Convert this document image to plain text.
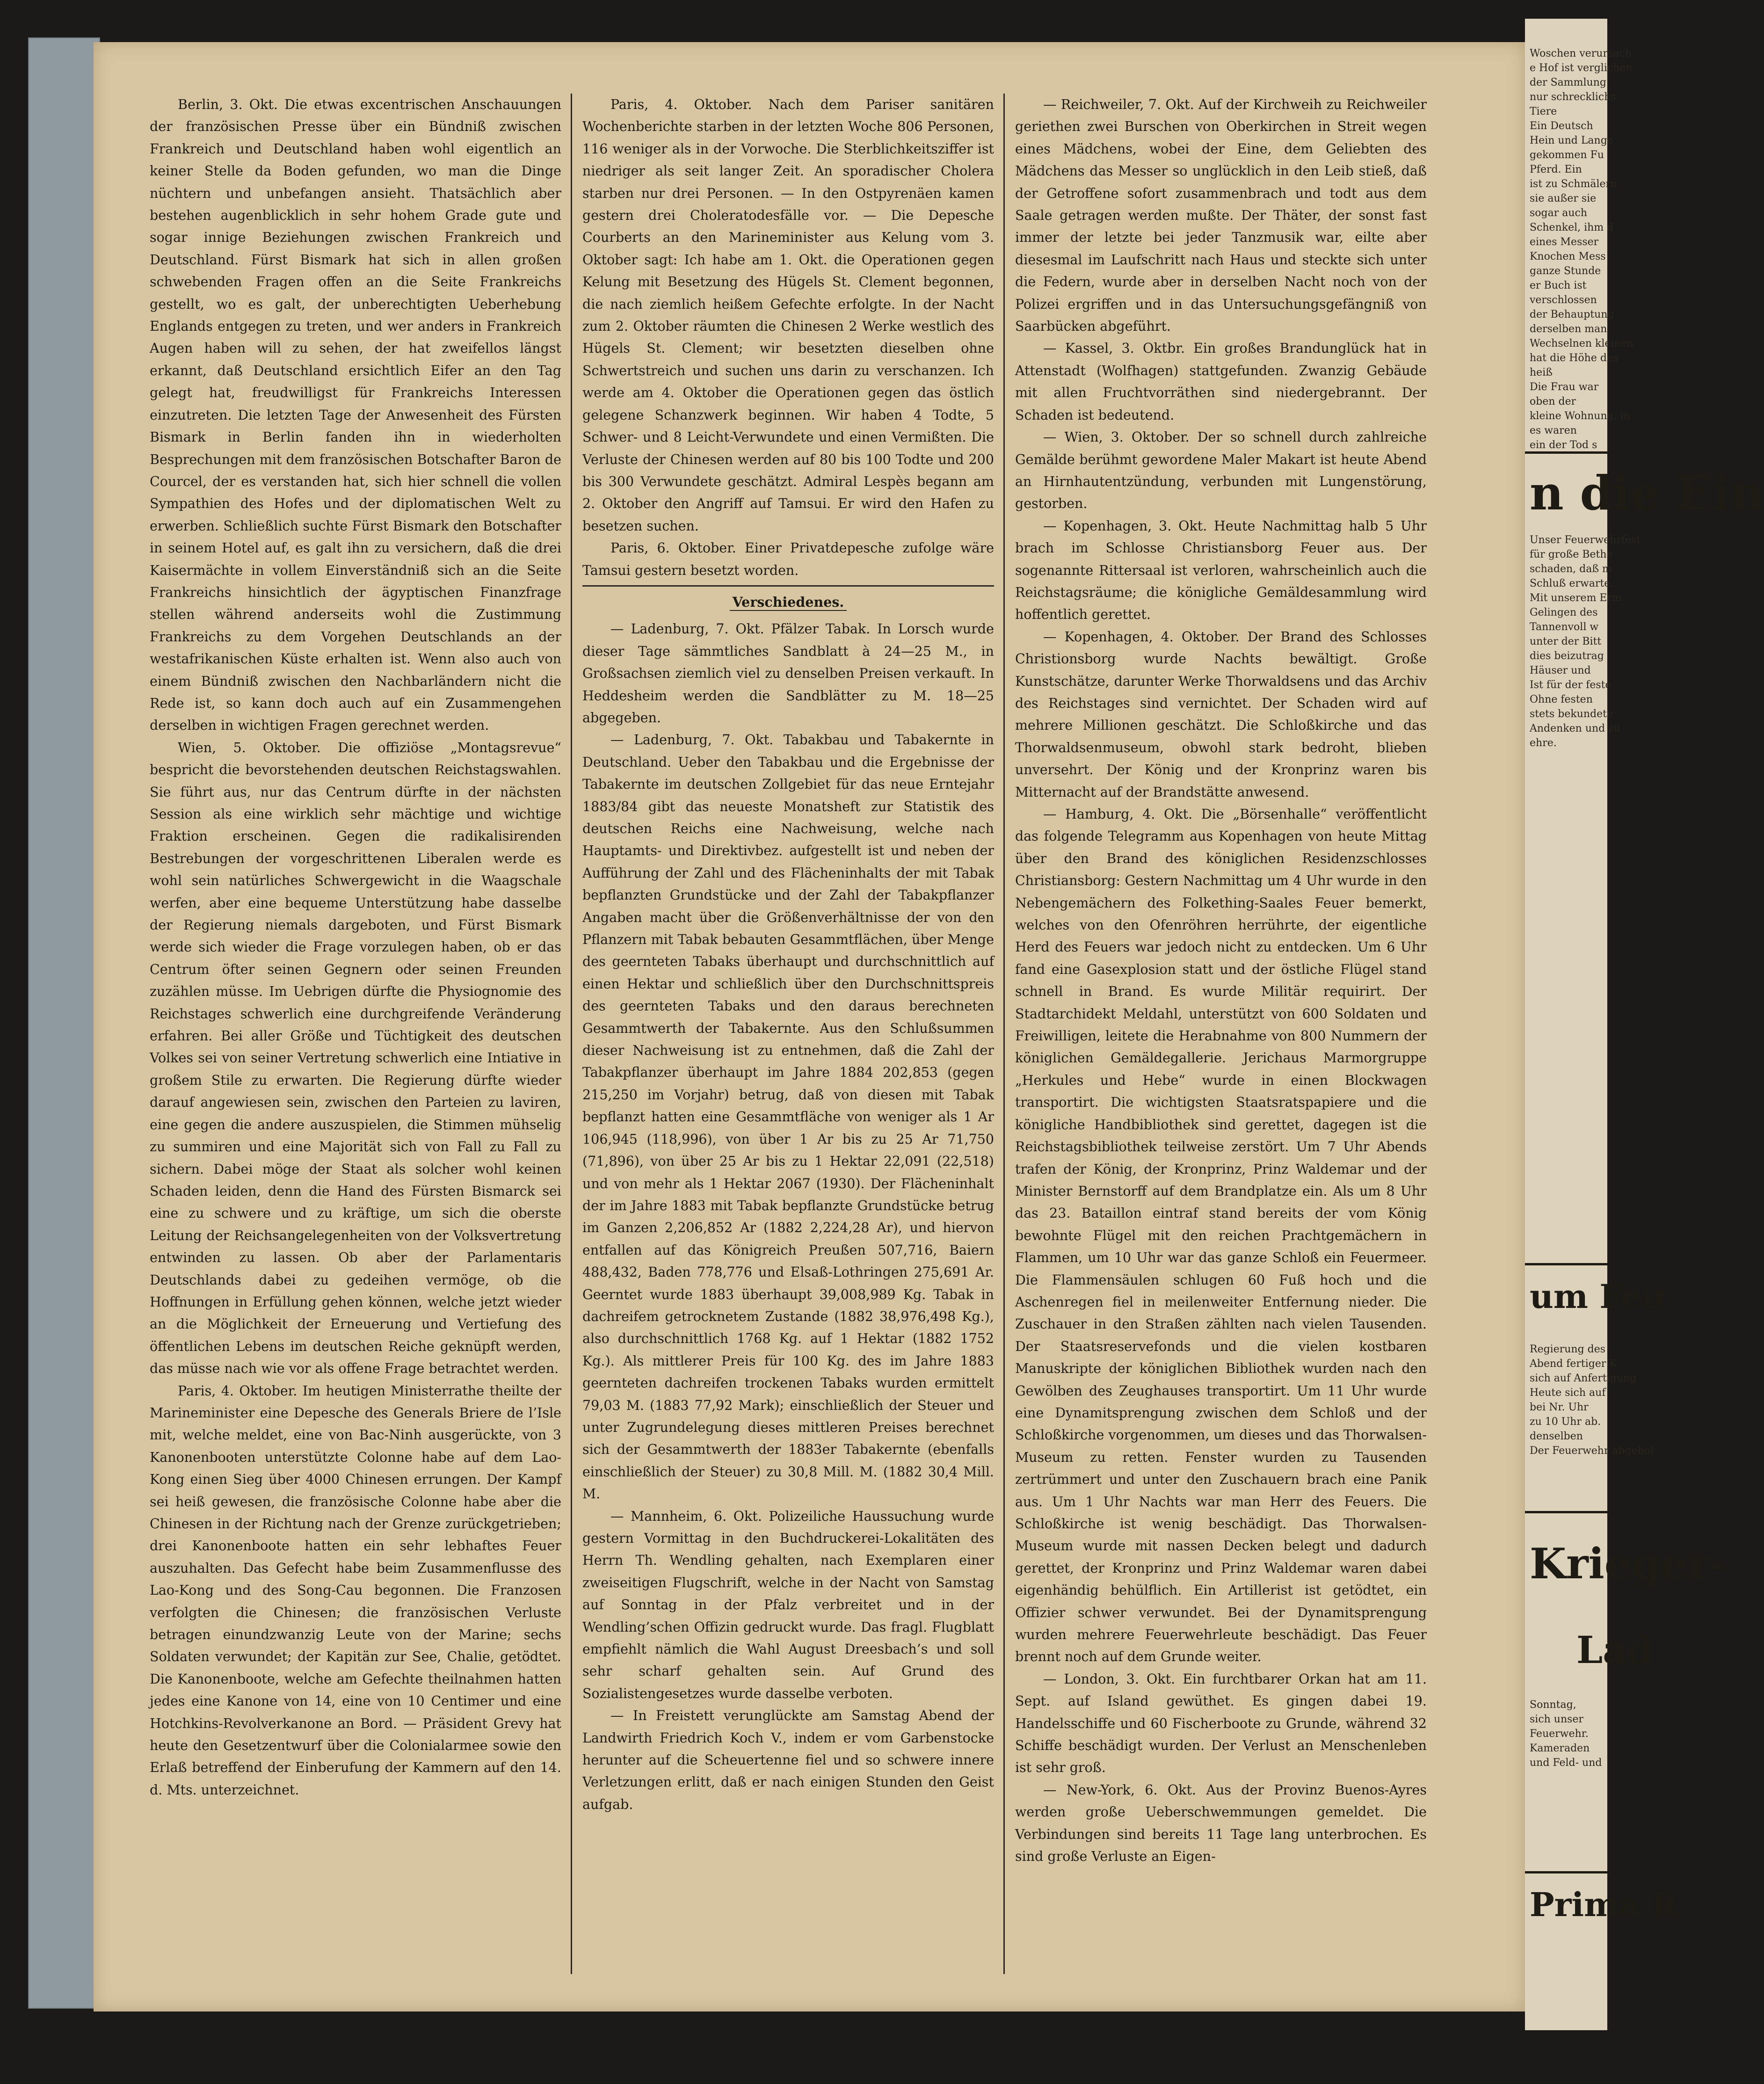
Berlin, 3. Okt. Die etwas excentrischen Anschauungen der französischen Presse über ein Bündniß zwischen Frankreich und Deutschland haben wohl eigentlich an keiner Stelle da Boden gefunden, wo man die Dinge nüchtern und unbefangen ansieht. Thatsächlich aber bestehen augenblicklich in sehr hohem Grade gute und sogar innige Beziehungen zwischen Frankreich und Deutschland. Fürst Bismark hat sich in allen großen schwebenden Fragen offen an die Seite Frankreichs gestellt, wo es galt, der unberechtigten Ueberhebung Englands entgegen zu treten, und wer anders in Frankreich Augen haben will zu sehen, der hat zweifellos längst erkannt, daß Deutschland ersichtlich Eifer an den Tag gelegt hat, freudwilligst für Frankreichs Interessen einzutreten. Die letzten Tage der Anwesenheit des Fürsten Bismark in Berlin fanden ihn in wiederholten Besprechungen mit dem französischen Botschafter Baron de Courcel, der es verstanden hat, sich hier schnell die vollen Sympathien des Hofes und der diplomatischen Welt zu erwerben. Schließlich suchte Fürst Bismark den Botschafter in seinem Hotel auf, es galt ihn zu versichern, daß die drei Kaisermächte in vollem Einverständniß sich an die Seite Frankreichs hinsichtlich der ägyptischen Finanzfrage stellen während anderseits wohl die Zustimmung Frankreichs zu dem Vorgehen Deutschlands an der westafrikanischen Küste erhalten ist. Wenn also auch von einem Bündniß zwischen den Nachbarländern nicht die Rede ist, so kann doch auch auf ein Zusammengehen derselben in wichtigen Fragen gerechnet werden.

Wien, 5. Oktober. Die offiziöse „Montagsrevue“ bespricht die bevorstehenden deutschen Reichstagswahlen. Sie führt aus, nur das Centrum dürfte in der nächsten Session als eine wirklich sehr mächtige und wichtige Fraktion erscheinen. Gegen die radikalisirenden Bestrebungen der vorgeschrittenen Liberalen werde es wohl sein natürliches Schwergewicht in die Waagschale werfen, aber eine bequeme Unterstützung habe dasselbe der Regierung niemals dargeboten, und Fürst Bismark werde sich wieder die Frage vorzulegen haben, ob er das Centrum öfter seinen Gegnern oder seinen Freunden zuzählen müsse. Im Uebrigen dürfte die Physiognomie des Reichstages schwerlich eine durchgreifende Veränderung erfahren. Bei aller Größe und Tüchtigkeit des deutschen Volkes sei von seiner Vertretung schwerlich eine Intiative in großem Stile zu erwarten. Die Regierung dürfte wieder darauf angewiesen sein, zwischen den Parteien zu laviren, eine gegen die andere auszuspielen, die Stimmen mühselig zu summiren und eine Majorität sich von Fall zu Fall zu sichern. Dabei möge der Staat als solcher wohl keinen Schaden leiden, denn die Hand des Fürsten Bismarck sei eine zu schwere und zu kräftige, um sich die oberste Leitung der Reichsangelegenheiten von der Volksvertretung entwinden zu lassen. Ob aber der Parlamentaris Deutschlands dabei zu gedeihen vermöge, ob die Hoffnungen in Erfüllung gehen können, welche jetzt wieder an die Möglichkeit der Erneuerung und Vertiefung des öffentlichen Lebens im deutschen Reiche geknüpft werden, das müsse nach wie vor als offene Frage betrachtet werden.

Paris, 4. Oktober. Im heutigen Ministerrathe theilte der Marineminister eine Depesche des Generals Briere de l’Isle mit, welche meldet, eine von Bac-Ninh ausgerückte, von 3 Kanonenbooten unterstützte Colonne habe auf dem Lao-Kong einen Sieg über 4000 Chinesen errungen. Der Kampf sei heiß gewesen, die französische Colonne habe aber die Chinesen in der Richtung nach der Grenze zurückgetrieben; drei Kanonenboote hatten ein sehr lebhaftes Feuer auszuhalten. Das Gefecht habe beim Zusammenflusse des Lao-Kong und des Song-Cau begonnen. Die Franzosen verfolgten die Chinesen; die französischen Verluste betragen einundzwanzig Leute von der Marine; sechs Soldaten verwundet; der Kapitän zur See, Chalie, getödtet. Die Kanonenboote, welche am Gefechte theilnahmen hatten jedes eine Kanone von 14, eine von 10 Centimer und eine Hotchkins-Revolverkanone an Bord. — Präsident Grevy hat heute den Gesetzentwurf über die Colonialarmee sowie den Erlaß betreffend der Einberufung der Kammern auf den 14. d. Mts. unterzeichnet.

Paris, 4. Oktober. Nach dem Pariser sanitären Wochenberichte starben in der letzten Woche 806 Personen, 116 weniger als in der Vorwoche. Die Sterblichkeitsziffer ist niedriger als seit langer Zeit. An sporadischer Cholera starben nur drei Personen. — In den Ostpyrenäen kamen gestern drei Choleratodesfälle vor. — Die Depesche Courberts an den Marineminister aus Kelung vom 3. Oktober sagt: Ich habe am 1. Okt. die Operationen gegen Kelung mit Besetzung des Hügels St. Clement begonnen, die nach ziemlich heißem Gefechte erfolgte. In der Nacht zum 2. Oktober räumten die Chinesen 2 Werke westlich des Hügels St. Clement; wir besetzten dieselben ohne Schwertstreich und suchen uns darin zu verschanzen. Ich werde am 4. Oktober die Operationen gegen das östlich gelegene Schanzwerk beginnen. Wir haben 4 Todte, 5 Schwer- und 8 Leicht-Verwundete und einen Vermißten. Die Verluste der Chinesen werden auf 80 bis 100 Todte und 200 bis 300 Verwundete geschätzt. Admiral Lespès begann am 2. Oktober den Angriff auf Tamsui. Er wird den Hafen zu besetzen suchen.

Paris, 6. Oktober. Einer Privatdepesche zufolge wäre Tamsui gestern besetzt worden.

Verschiedenes.

— Ladenburg, 7. Okt. Pfälzer Tabak. In Lorsch wurde dieser Tage sämmtliches Sandblatt à 24—25 M., in Großsachsen ziemlich viel zu denselben Preisen verkauft. In Heddesheim werden die Sandblätter zu M. 18—25 abgegeben.

— Ladenburg, 7. Okt. Tabakbau und Tabakernte in Deutschland. Ueber den Tabakbau und die Ergebnisse der Tabakernte im deutschen Zollgebiet für das neue Erntejahr 1883/84 gibt das neueste Monatsheft zur Statistik des deutschen Reichs eine Nachweisung, welche nach Hauptamts- und Direktivbez. aufgestellt ist und neben der Aufführung der Zahl und des Flächeninhalts der mit Tabak bepflanzten Grundstücke und der Zahl der Tabakpflanzer Angaben macht über die Größenverhältnisse der von den Pflanzern mit Tabak bebauten Gesammtflächen, über Menge des geernteten Tabaks überhaupt und durchschnittlich auf einen Hektar und schließlich über den Durchschnittspreis des geernteten Tabaks und den daraus berechneten Gesammtwerth der Tabakernte. Aus den Schlußsummen dieser Nachweisung ist zu entnehmen, daß die Zahl der Tabakpflanzer überhaupt im Jahre 1884 202,853 (gegen 215,250 im Vorjahr) betrug, daß von diesen mit Tabak bepflanzt hatten eine Gesammtfläche von weniger als 1 Ar 106,945 (118,996), von über 1 Ar bis zu 25 Ar 71,750 (71,896), von über 25 Ar bis zu 1 Hektar 22,091 (22,518) und von mehr als 1 Hektar 2067 (1930). Der Flächeninhalt der im Jahre 1883 mit Tabak bepflanzte Grundstücke betrug im Ganzen 2,206,852 Ar (1882 2,224,28 Ar), und hiervon entfallen auf das Königreich Preußen 507,716, Baiern 488,432, Baden 778,776 und Elsaß-Lothringen 275,691 Ar. Geerntet wurde 1883 überhaupt 39,008,989 Kg. Tabak in dachreifem getrocknetem Zustande (1882 38,976,498 Kg.), also durchschnittlich 1768 Kg. auf 1 Hektar (1882 1752 Kg.). Als mittlerer Preis für 100 Kg. des im Jahre 1883 geernteten dachreifen trockenen Tabaks wurden ermittelt 79,03 M. (1883 77,92 Mark); einschließlich der Steuer und unter Zugrundelegung dieses mittleren Preises berechnet sich der Gesammtwerth der 1883er Tabakernte (ebenfalls einschließlich der Steuer) zu 30,8 Mill. M. (1882 30,4 Mill. M.

— Mannheim, 6. Okt. Polizeiliche Haussuchung wurde gestern Vormittag in den Buchdruckerei-Lokalitäten des Herrn Th. Wendling gehalten, nach Exemplaren einer zweiseitigen Flugschrift, welche in der Nacht von Samstag auf Sonntag in der Pfalz verbreitet und in der Wendling’schen Offizin gedruckt wurde. Das fragl. Flugblatt empfiehlt nämlich die Wahl August Dreesbach’s und soll sehr scharf gehalten sein. Auf Grund des Sozialistengesetzes wurde dasselbe verboten.

— In Freistett verunglückte am Samstag Abend der Landwirth Friedrich Koch V., indem er vom Garbenstocke herunter auf die Scheuertenne fiel und so schwere innere Verletzungen erlitt, daß er nach einigen Stunden den Geist aufgab.

— Reichweiler, 7. Okt. Auf der Kirchweih zu Reichweiler geriethen zwei Burschen von Oberkirchen in Streit wegen eines Mädchens, wobei der Eine, dem Geliebten des Mädchens das Messer so unglücklich in den Leib stieß, daß der Getroffene sofort zusammenbrach und todt aus dem Saale getragen werden mußte. Der Thäter, der sonst fast immer der letzte bei jeder Tanzmusik war, eilte aber diesesmal im Laufschritt nach Haus und steckte sich unter die Federn, wurde aber in derselben Nacht noch von der Polizei ergriffen und in das Untersuchungsgefängniß von Saarbücken abgeführt.

— Kassel, 3. Oktbr. Ein großes Brandunglück hat in Attenstadt (Wolfhagen) stattgefunden. Zwanzig Gebäude mit allen Fruchtvorräthen sind niedergebrannt. Der Schaden ist bedeutend.

— Wien, 3. Oktober. Der so schnell durch zahlreiche Gemälde berühmt gewordene Maler Makart ist heute Abend an Hirnhautentzündung, verbunden mit Lungenstörung, gestorben.

— Kopenhagen, 3. Okt. Heute Nachmittag halb 5 Uhr brach im Schlosse Christiansborg Feuer aus. Der sogenannte Rittersaal ist verloren, wahrscheinlich auch die Reichstagsräume; die königliche Gemäldesammlung wird hoffentlich gerettet.

— Kopenhagen, 4. Oktober. Der Brand des Schlosses Christionsborg wurde Nachts bewältigt. Große Kunstschätze, darunter Werke Thorwaldsens und das Archiv des Reichstages sind vernichtet. Der Schaden wird auf mehrere Millionen geschätzt. Die Schloßkirche und das Thorwaldsenmuseum, obwohl stark bedroht, blieben unversehrt. Der König und der Kronprinz waren bis Mitternacht auf der Brandstätte anwesend.

— Hamburg, 4. Okt. Die „Börsenhalle“ veröffentlicht das folgende Telegramm aus Kopenhagen von heute Mittag über den Brand des königlichen Residenzschlosses Christiansborg: Gestern Nachmittag um 4 Uhr wurde in den Nebengemächern des Folkething-Saales Feuer bemerkt, welches von den Ofenröhren herrührte, der eigentliche Herd des Feuers war jedoch nicht zu entdecken. Um 6 Uhr fand eine Gasexplosion statt und der östliche Flügel stand schnell in Brand. Es wurde Militär requirirt. Der Stadtarchidekt Meldahl, unterstützt von 600 Soldaten und Freiwilligen, leitete die Herabnahme von 800 Nummern der königlichen Gemäldegallerie. Jerichaus Marmorgruppe „Herkules und Hebe“ wurde in einen Blockwagen transportirt. Die wichtigsten Staatsratspapiere und die königliche Handbibliothek sind gerettet, dagegen ist die Reichstagsbibliothek teilweise zerstört. Um 7 Uhr Abends trafen der König, der Kronprinz, Prinz Waldemar und der Minister Bernstorff auf dem Brandplatze ein. Als um 8 Uhr das 23. Bataillon eintraf stand bereits der vom König bewohnte Flügel mit den reichen Prachtgemächern in Flammen, um 10 Uhr war das ganze Schloß ein Feuermeer. Die Flammensäulen schlugen 60 Fuß hoch und die Aschenregen fiel in meilenweiter Entfernung nieder. Die Zuschauer in den Straßen zählten nach vielen Tausenden. Der Staatsreservefonds und die vielen kostbaren Manuskripte der königlichen Bibliothek wurden nach den Gewölben des Zeughauses transportirt. Um 11 Uhr wurde eine Dynamitsprengung zwischen dem Schloß und der Schloßkirche vorgenommen, um dieses und das Thorwalsen-Museum zu retten. Fenster wurden zu Tausenden zertrümmert und unter den Zuschauern brach eine Panik aus. Um 1 Uhr Nachts war man Herr des Feuers. Die Schloßkirche ist wenig beschädigt. Das Thorwalsen-Museum wurde mit nassen Decken belegt und dadurch gerettet, der Kronprinz und Prinz Waldemar waren dabei eigenhändig behülflich. Ein Artillerist ist getödtet, ein Offizier schwer verwundet. Bei der Dynamitsprengung wurden mehrere Feuerwehrleute beschädigt. Das Feuer brennt noch auf dem Grunde weiter.

— London, 3. Okt. Ein furchtbarer Orkan hat am 11. Sept. auf Island gewüthet. Es gingen dabei 19. Handelsschiffe und 60 Fischerboote zu Grunde, während 32 Schiffe beschädigt wurden. Der Verlust an Menschenleben ist sehr groß.

— New-York, 6. Okt. Aus der Provinz Buenos-Ayres werden große Ueberschwemmungen gemeldet. Die Verbindungen sind bereits 11 Tage lang unterbrochen. Es sind große Verluste an Eigen-

n die Ein
um Feu
Krieger-
Lad
Prima R
Woschen verursach
e Hof ist verglichen
der Sammlung
nur schrecklichs
Tiere
Ein Deutsch
Hein und Lange
gekommen Fu
Pferd. Ein
ist zu Schmälern
sie außer sie
sogar auch
Schenkel, ihm d
eines Messer
Knochen Mess
ganze Stunde
er Buch ist
verschlossen
der Behauptung
derselben man
Wechselnen kleinen
hat die Höhe des
heiß
Die Frau war
oben der
kleine Wohnung, in
es waren
ein der Tod s
Unser Feuerwehrfest
für große Bethe
schaden, daß m
Schluß erwarte.
Mit unserem Erm
Gelingen des
Tannenvoll w
unter der Bitt
dies beizutrag
Häuser und
Ist für der feste
Ohne festen
stets bekundete
Andenken und zu
ehre.
Regierung des
Abend fertiger K
sich auf Anfertigung
Heute sich auf
bei Nr. Uhr
zu 10 Uhr ab.
denselben
Der Feuerwehr abgehol
Sonntag,
sich unser
Feuerwehr.
Kameraden
und Feld- und
